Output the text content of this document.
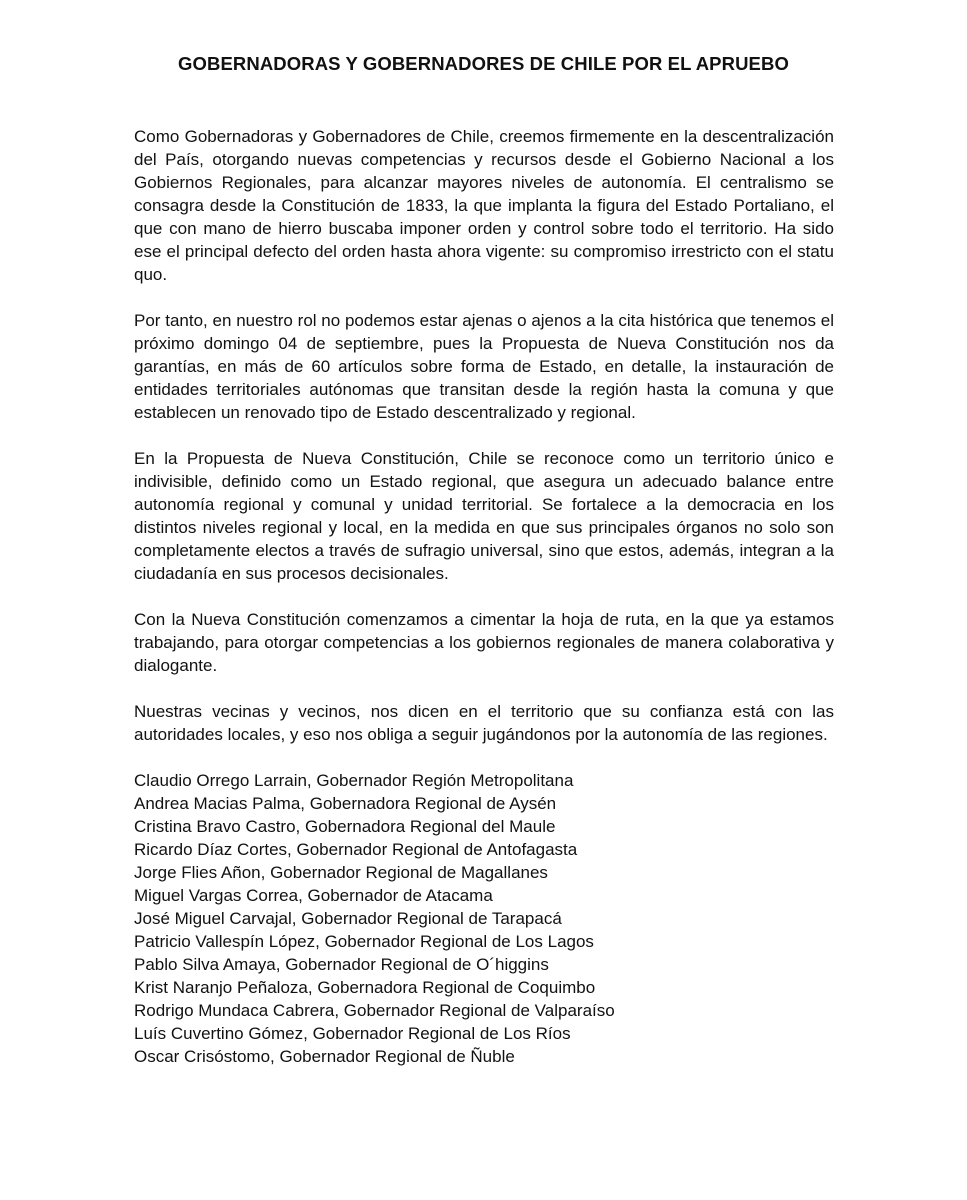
GOBERNADORAS Y GOBERNADORES DE CHILE POR EL APRUEBO

Como Gobernadoras y Gobernadores de Chile, creemos firmemente en la descentralización del País, otorgando nuevas competencias y recursos desde el Gobierno Nacional a los Gobiernos Regionales, para alcanzar mayores niveles de autonomía. El centralismo se consagra desde la Constitución de 1833, la que implanta la figura del Estado Portaliano, el que con mano de hierro buscaba imponer orden y control sobre todo el territorio. Ha sido ese el principal defecto del orden hasta ahora vigente: su compromiso irrestricto con el statu quo.

Por tanto, en nuestro rol no podemos estar ajenas o ajenos a la cita histórica que tenemos el próximo domingo 04 de septiembre, pues la Propuesta de Nueva Constitución nos da garantías, en más de 60 artículos sobre forma de Estado, en detalle, la instauración de entidades territoriales autónomas que transitan desde la región hasta la comuna y que establecen un renovado tipo de Estado descentralizado y regional.

En la Propuesta de Nueva Constitución, Chile se reconoce como un territorio único e indivisible, definido como un Estado regional, que asegura un adecuado balance entre autonomía regional y comunal y unidad territorial. Se fortalece a la democracia en los distintos niveles regional y local, en la medida en que sus principales órganos no solo son completamente electos a través de sufragio universal, sino que estos, además, integran a la ciudadanía en sus procesos decisionales.

Con la Nueva Constitución comenzamos a cimentar la hoja de ruta, en la que ya estamos trabajando, para otorgar competencias a los gobiernos regionales de manera colaborativa y dialogante.

Nuestras vecinas y vecinos, nos dicen en el territorio que su confianza está con las autoridades locales, y eso nos obliga a seguir jugándonos por la autonomía de las regiones.

Claudio Orrego Larrain, Gobernador Región Metropolitana
Andrea Macias Palma, Gobernadora Regional de Aysén
Cristina Bravo Castro, Gobernadora Regional del Maule
Ricardo Díaz Cortes, Gobernador Regional de Antofagasta
Jorge Flies Añon, Gobernador Regional de Magallanes
Miguel Vargas Correa, Gobernador de Atacama
José Miguel Carvajal, Gobernador Regional de Tarapacá
Patricio Vallespín López, Gobernador Regional de Los Lagos
Pablo Silva Amaya, Gobernador Regional de O´higgins
Krist Naranjo Peñaloza, Gobernadora Regional de Coquimbo
Rodrigo Mundaca Cabrera, Gobernador Regional de Valparaíso
Luís Cuvertino Gómez, Gobernador Regional de Los Ríos
Oscar Crisóstomo, Gobernador Regional de Ñuble
